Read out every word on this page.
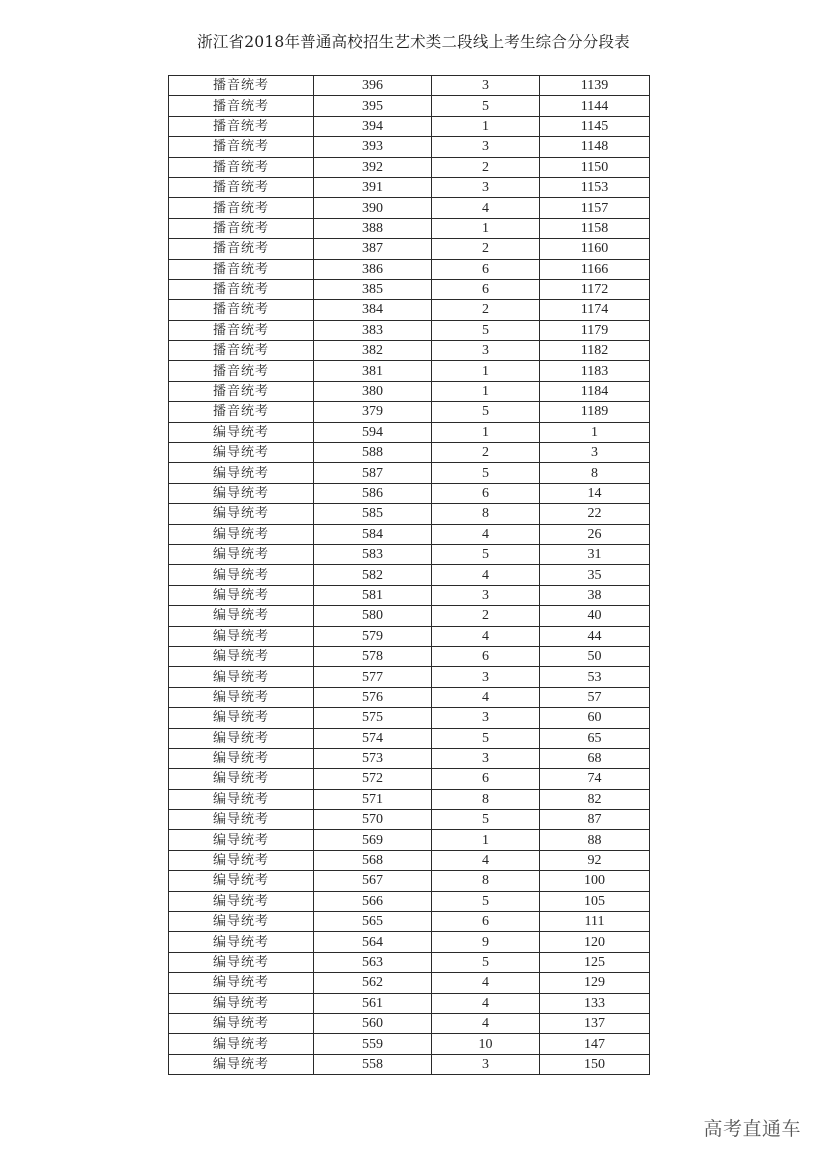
浙江省2018年普通高校招生艺术类二段线上考生综合分分段表
播音统考	396	3	1139
播音统考	395	5	1144
播音统考	394	1	1145
播音统考	393	3	1148
播音统考	392	2	1150
播音统考	391	3	1153
播音统考	390	4	1157
播音统考	388	1	1158
播音统考	387	2	1160
播音统考	386	6	1166
播音统考	385	6	1172
播音统考	384	2	1174
播音统考	383	5	1179
播音统考	382	3	1182
播音统考	381	1	1183
播音统考	380	1	1184
播音统考	379	5	1189
编导统考	594	1	1
编导统考	588	2	3
编导统考	587	5	8
编导统考	586	6	14
编导统考	585	8	22
编导统考	584	4	26
编导统考	583	5	31
编导统考	582	4	35
编导统考	581	3	38
编导统考	580	2	40
编导统考	579	4	44
编导统考	578	6	50
编导统考	577	3	53
编导统考	576	4	57
编导统考	575	3	60
编导统考	574	5	65
编导统考	573	3	68
编导统考	572	6	74
编导统考	571	8	82
编导统考	570	5	87
编导统考	569	1	88
编导统考	568	4	92
编导统考	567	8	100
编导统考	566	5	105
编导统考	565	6	111
编导统考	564	9	120
编导统考	563	5	125
编导统考	562	4	129
编导统考	561	4	133
编导统考	560	4	137
编导统考	559	10	147
编导统考	558	3	150
高考直通车
